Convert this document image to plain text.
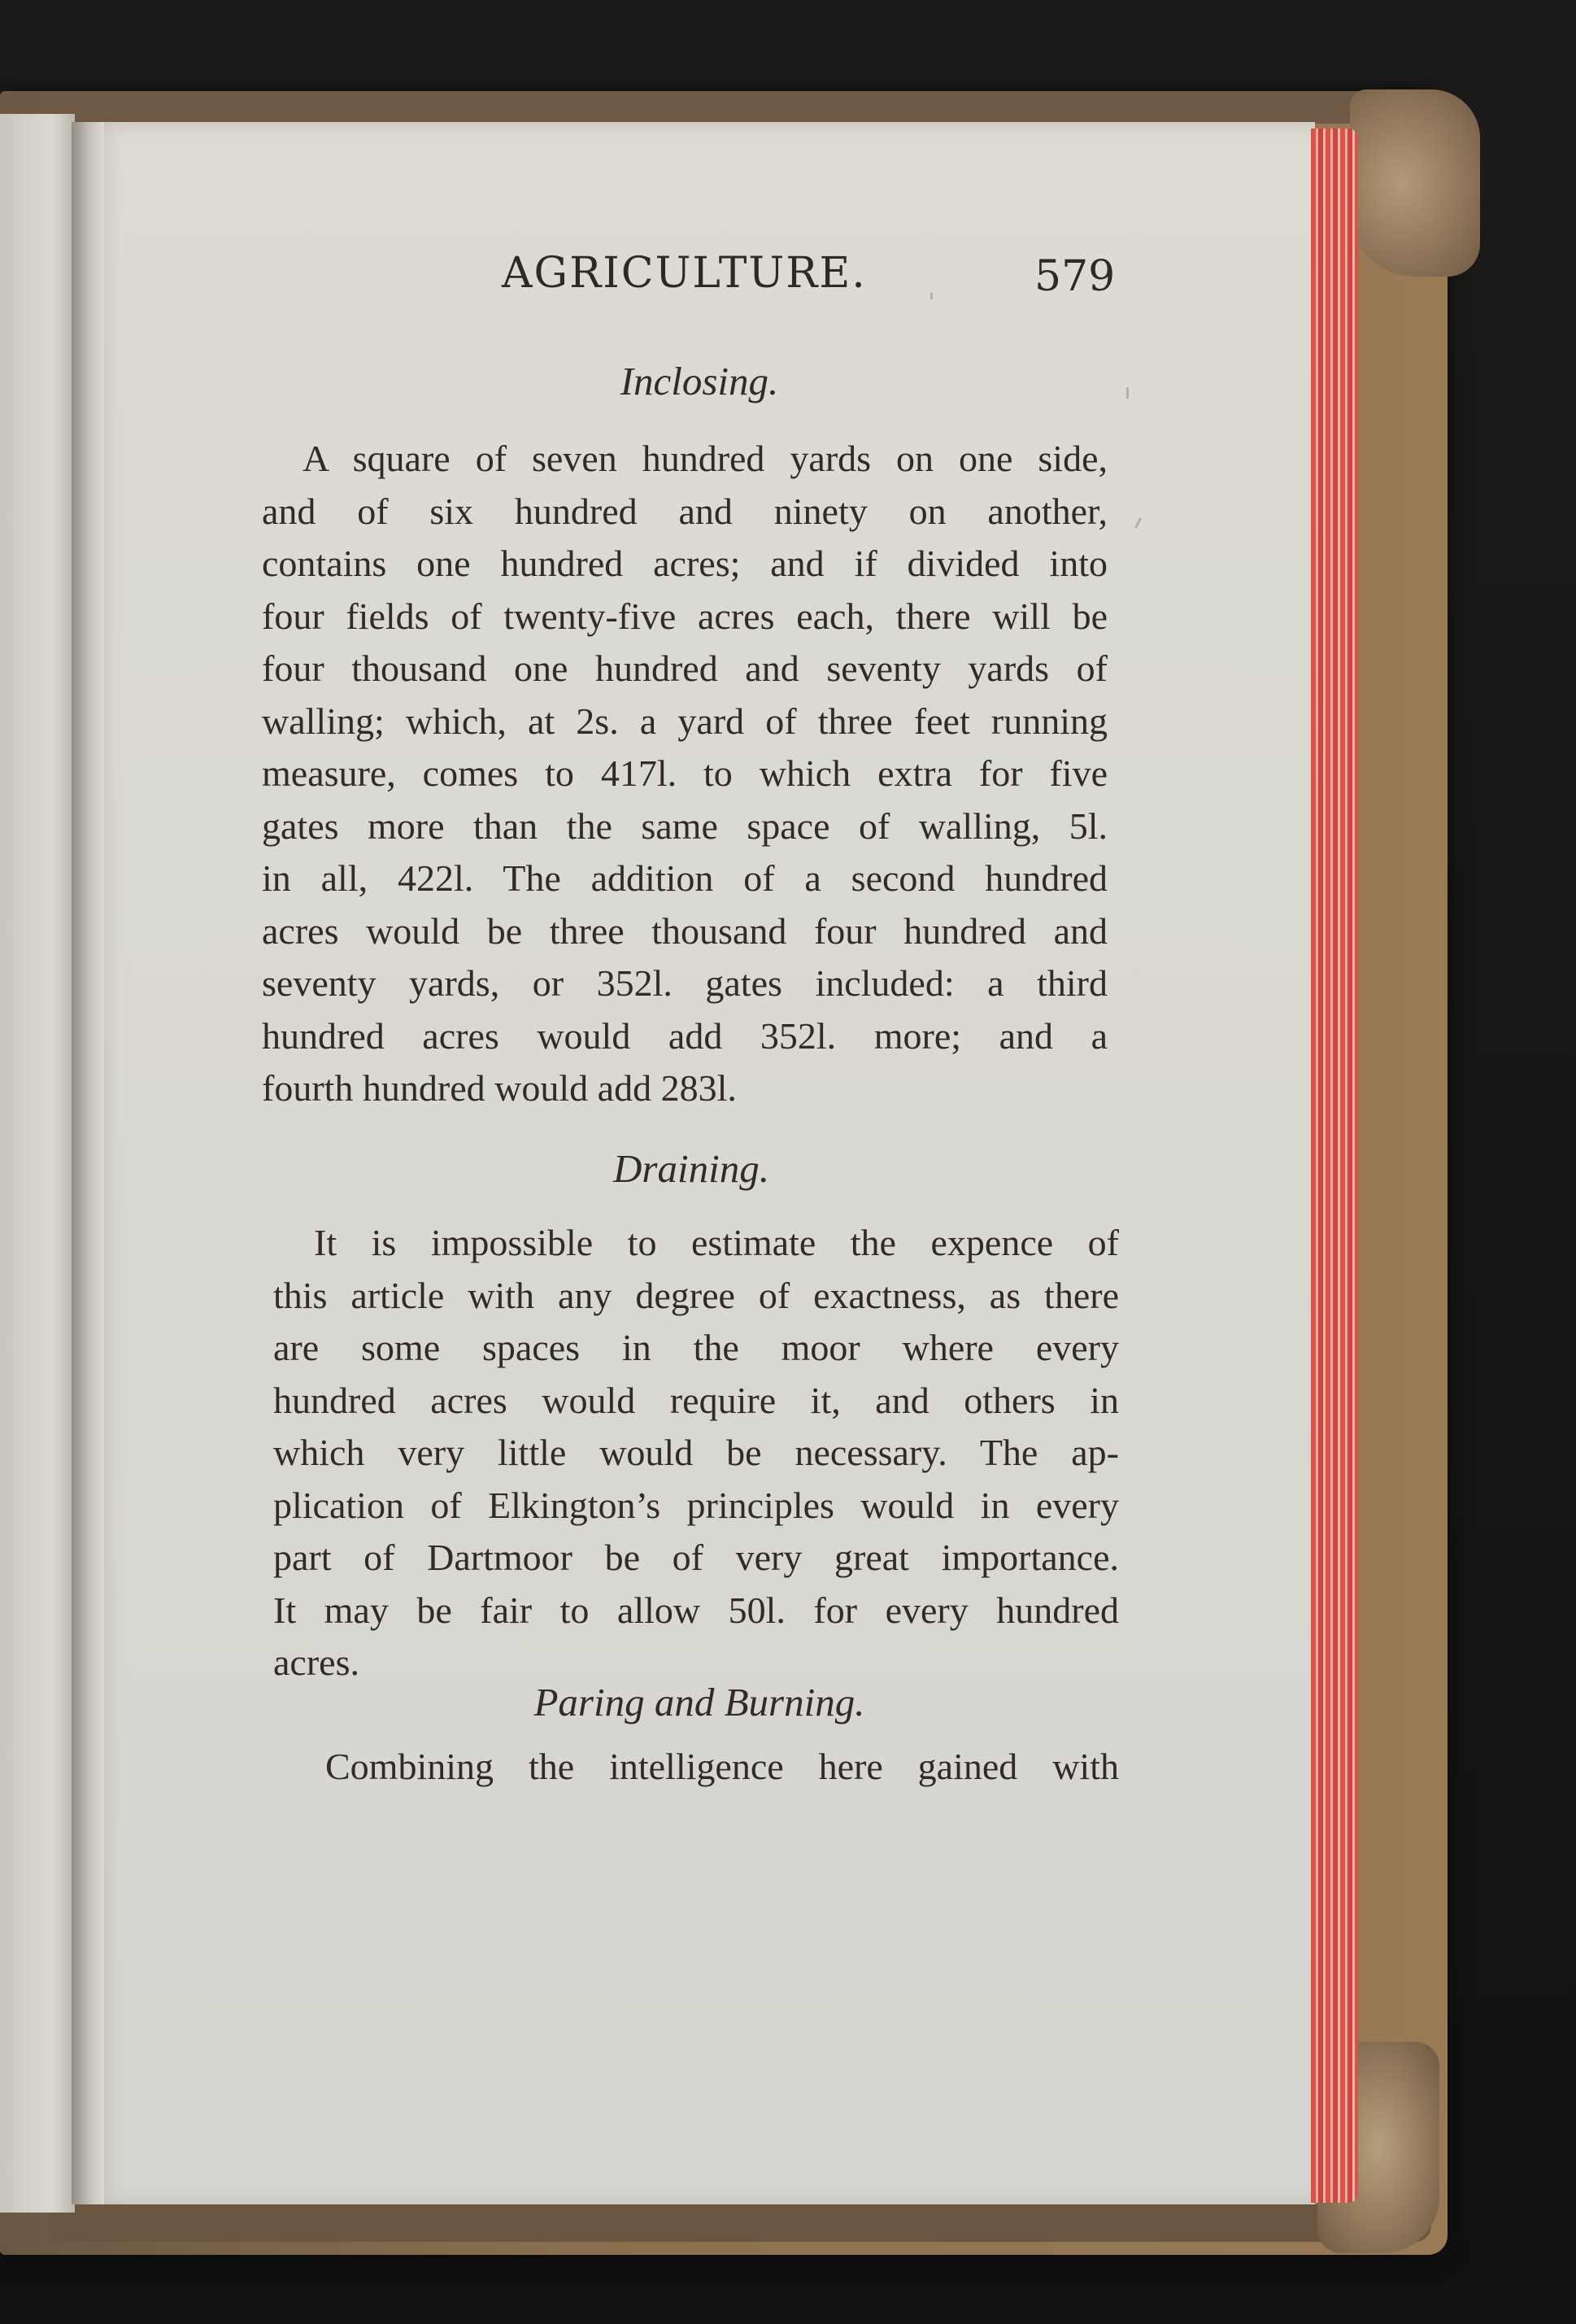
AGRICULTURE.	579
Inclosing.
A square of seven hundred yards on one side,
and of six hundred and ninety on another,
contains one hundred acres; and if divided into
four fields of twenty-five acres each, there will be
four thousand one hundred and seventy yards of
walling; which, at 2s. a yard of three feet running
measure, comes to 417l. to which extra for five
gates more than the same space of walling, 5l.
in all, 422l. The addition of a second hundred
acres would be three thousand four hundred and
seventy yards, or 352l. gates included: a third
hundred acres would add 352l. more; and a
fourth hundred would add 283l.
Draining.
It is impossible to estimate the expence of
this article with any degree of exactness, as there
are some spaces in the moor where every
hundred acres would require it, and others in
which very little would be necessary. The ap-
plication of Elkington’s principles would in every
part of Dartmoor be of very great importance.
It may be fair to allow 50l. for every hundred
acres.
Paring and Burning.
Combining the intelligence here gained with
